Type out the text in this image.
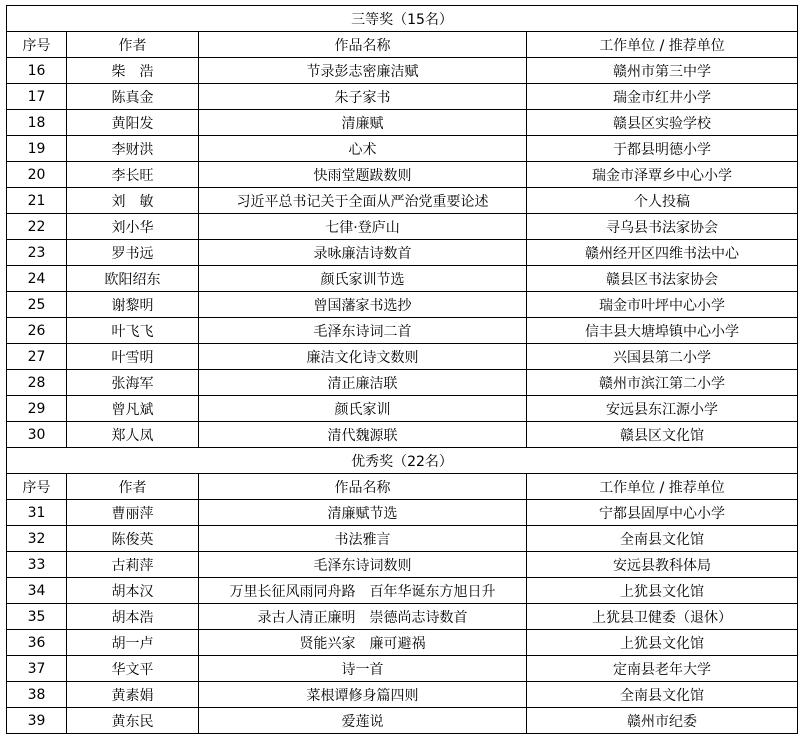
三等奖（15名）			
序号	作者	作品名称	工作单位 / 推荐单位
16	柴　浩	节录彭志密廉洁赋	赣州市第三中学
17	陈真金	朱子家书	瑞金市红井小学
18	黄阳发	清廉赋	赣县区实验学校
19	李财洪	心术	于都县明德小学
20	李长旺	快雨堂题跋数则	瑞金市泽覃乡中心小学
21	刘　敏	习近平总书记关于全面从严治党重要论述	个人投稿
22	刘小华	七律·登庐山	寻乌县书法家协会
23	罗书远	录咏廉洁诗数首	赣州经开区四维书法中心
24	欧阳绍东	颜氏家训节选	赣县区书法家协会
25	谢黎明	曾国藩家书选抄	瑞金市叶坪中心小学
26	叶飞飞	毛泽东诗词二首	信丰县大塘埠镇中心小学
27	叶雪明	廉洁文化诗文数则	兴国县第二小学
28	张海军	清正廉洁联	赣州市滨江第二小学
29	曾凡斌	颜氏家训	安远县东江源小学
30	郑人凤	清代魏源联	赣县区文化馆
优秀奖（22名）			
序号	作者	作品名称	工作单位 / 推荐单位
31	曹丽萍	清廉赋节选	宁都县固厚中心小学
32	陈俊英	书法雅言	全南县文化馆
33	古莉萍	毛泽东诗词数则	安远县教科体局
34	胡本汉	万里长征风雨同舟路　百年华诞东方旭日升	上犹县文化馆
35	胡本浩	录古人清正廉明　崇德尚志诗数首	上犹县卫健委（退休）
36	胡一卢	贤能兴家　廉可避祸	上犹县文化馆
37	华文平	诗一首	定南县老年大学
38	黄素娟	菜根谭修身篇四则	全南县文化馆
39	黄东民	爱莲说	赣州市纪委
